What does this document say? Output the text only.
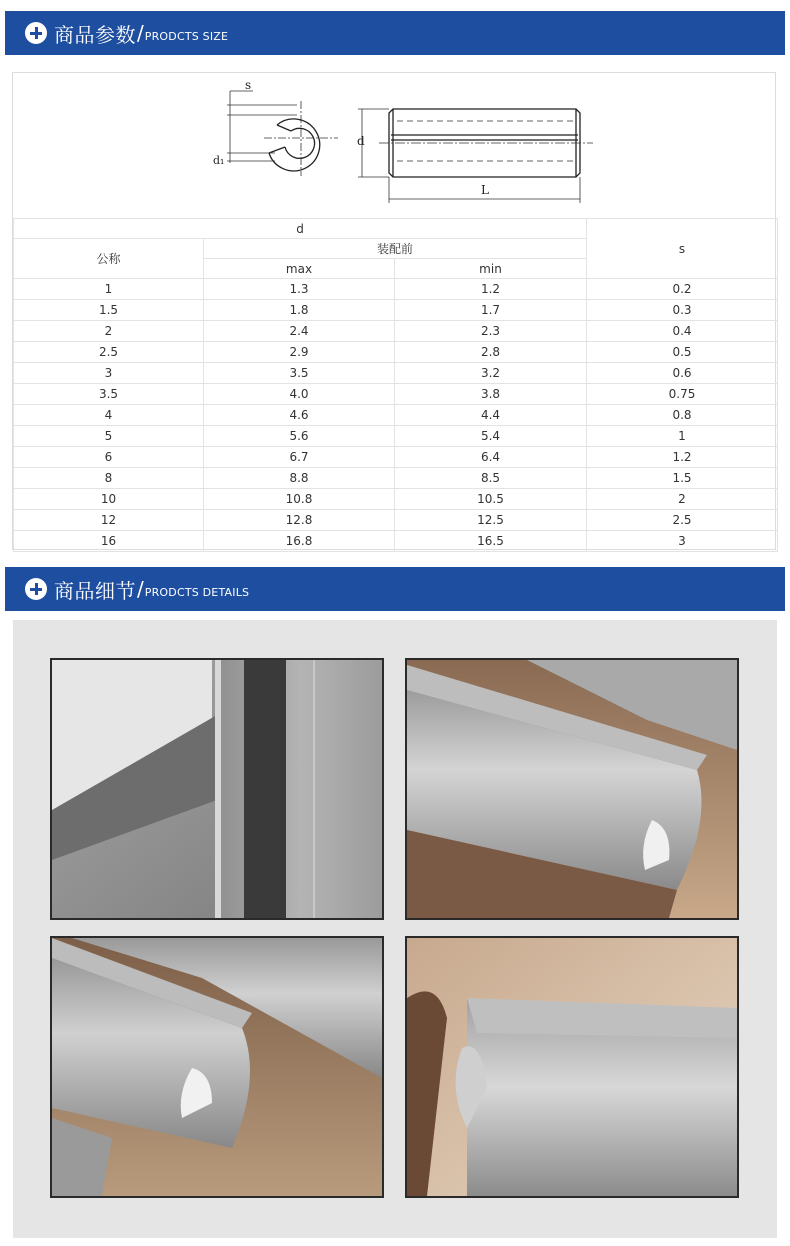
商品参数 / PRODCTS SIZE
s
d₁
d
L
d			s
公称	装配前		
	max	min	
1	1.3	1.2	0.2
1.5	1.8	1.7	0.3
2	2.4	2.3	0.4
2.5	2.9	2.8	0.5
3	3.5	3.2	0.6
3.5	4.0	3.8	0.75
4	4.6	4.4	0.8
5	5.6	5.4	1
6	6.7	6.4	1.2
8	8.8	8.5	1.5
10	10.8	10.5	2
12	12.8	12.5	2.5
16	16.8	16.5	3
商品细节 / PRODCTS DETAILS
